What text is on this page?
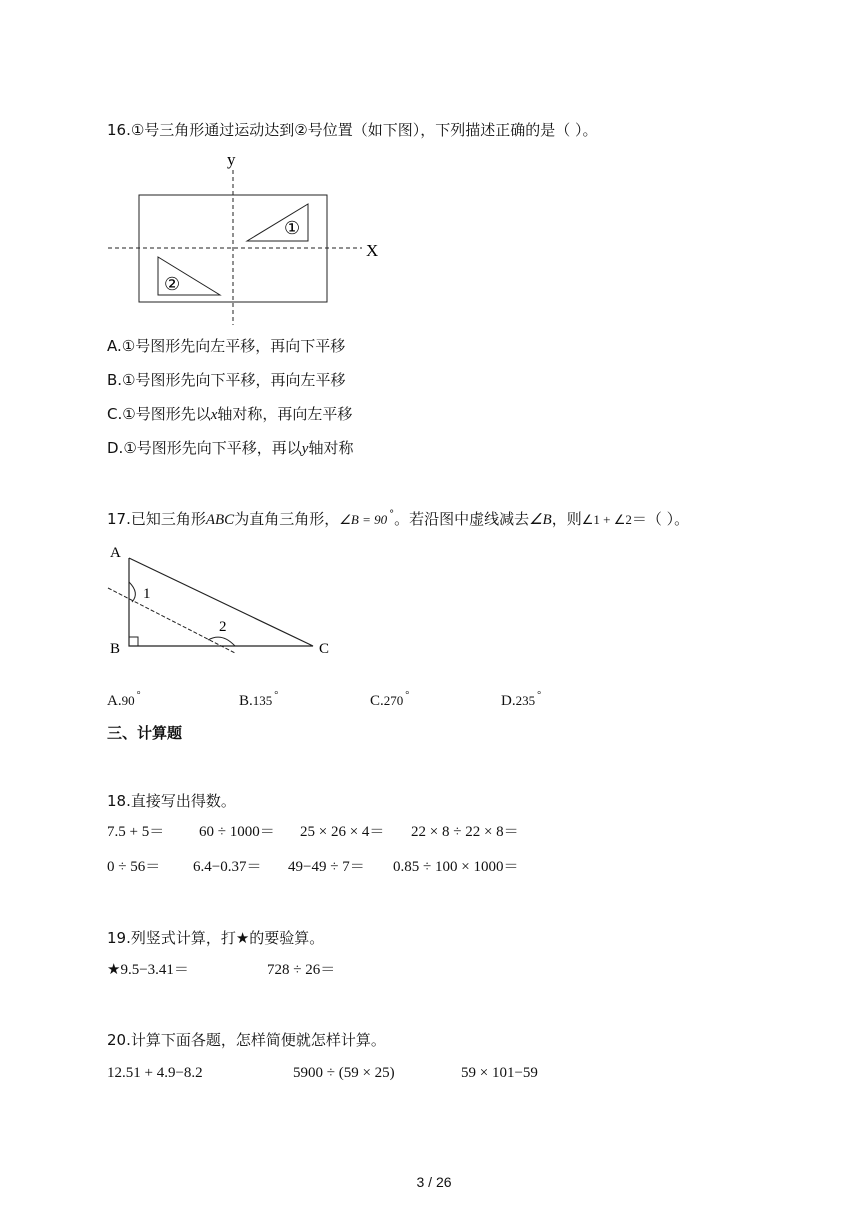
16.①号三角形通过运动达到②号位置（如下图），下列描述正确的是（ ）。
y
X
①
②
A.①号图形先向左平移，再向下平移
B.①号图形先向下平移，再向左平移
C.①号图形先以x轴对称，再向左平移
D.①号图形先向下平移，再以y轴对称
17.已知三角形ABC为直角三角形，∠B = 90 °。若沿图中虚线减去∠B，则∠1 + ∠2＝（ ）。
A
B	C
1
2
A.90 °	B.135 °	C.270 °	D.235 °
三、计算题
18.直接写出得数。
7.5 + 5＝ 60 ÷ 1000＝ 25 × 26 × 4＝ 22 × 8 ÷ 22 × 8＝
0 ÷ 56＝ 6.4−0.37＝ 49−49 ÷ 7＝ 0.85 ÷ 100 × 1000＝
19.列竖式计算，打★的要验算。
★9.5−3.41＝	728 ÷ 26＝
20.计算下面各题，怎样简便就怎样计算。
12.51 + 4.9−8.2	5900 ÷ (59 × 25)	59 × 101−59
3 / 26
